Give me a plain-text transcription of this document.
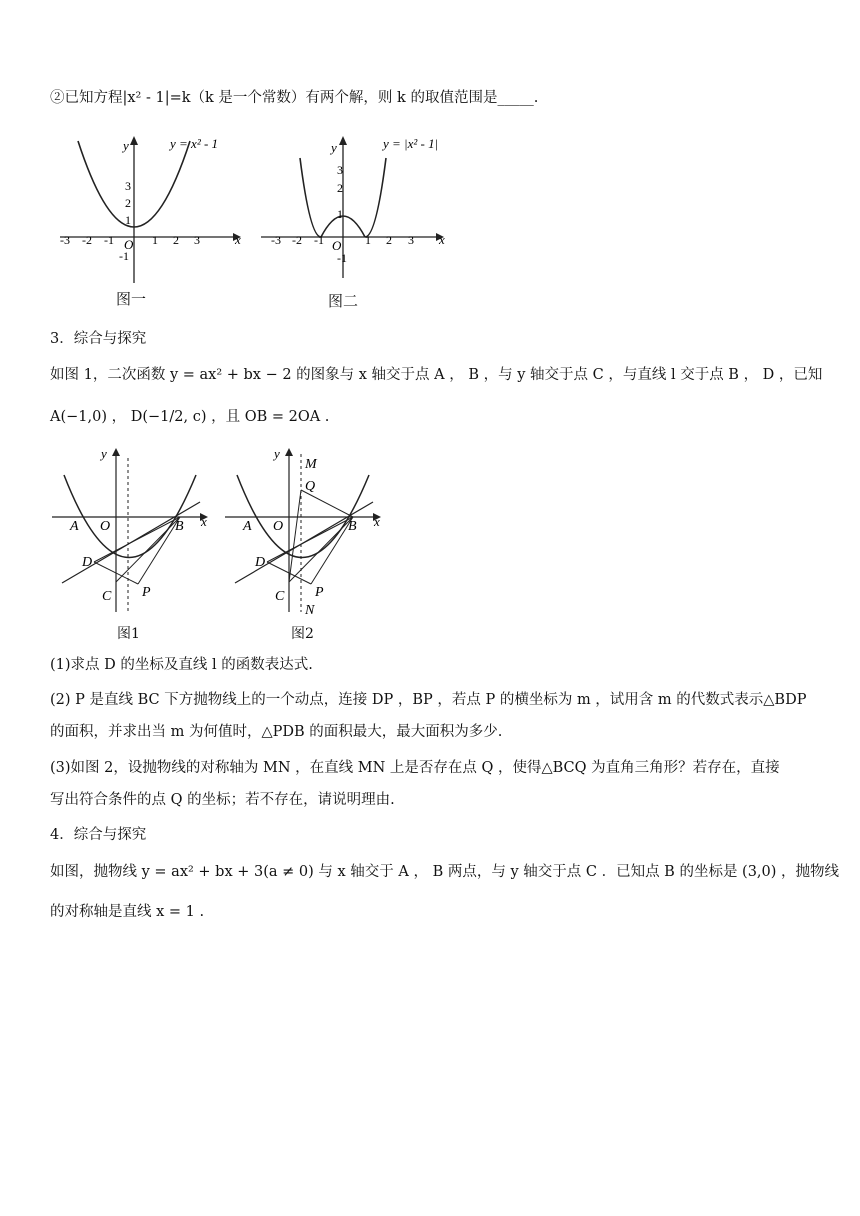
②已知方程|x² - 1|=k（k 是一个常数）有两个解，则 k 的取值范围是_____.
x
y
O
y = x² - 1
-3 -2 -1	1 2 3
3
2
1
-1
图一
x
y
O
y = |x² - 1|
-3 -2 -1	1 2 3
3
2
1
-1
图二
3．综合与探究
如图 1，二次函数 y = ax² + bx − 2 的图象与 x 轴交于点 A ， B ，与 y 轴交于点 C ，与直线 l 交于点 B ， D ，已知
A(−1,0) ， D(−1/2, c) ，且 OB = 2OA .
A O	B
D
C P
x
y
图1
A O	B
D
C P
M
Q
N
x
y
图2
(1)求点 D 的坐标及直线 l 的函数表达式.
(2) P 是直线 BC 下方抛物线上的一个动点，连接 DP ，BP ，若点 P 的横坐标为 m ，试用含 m 的代数式表示△BDP
的面积，并求出当 m 为何值时，△PDB 的面积最大，最大面积为多少.
(3)如图 2，设抛物线的对称轴为 MN ，在直线 MN 上是否存在点 Q ，使得△BCQ 为直角三角形？若存在，直接
写出符合条件的点 Q 的坐标；若不存在，请说明理由.
4．综合与探究
如图，抛物线 y = ax² + bx + 3(a ≠ 0) 与 x 轴交于 A ， B 两点，与 y 轴交于点 C ．已知点 B 的坐标是 (3,0) ，抛物线
的对称轴是直线 x = 1 .
